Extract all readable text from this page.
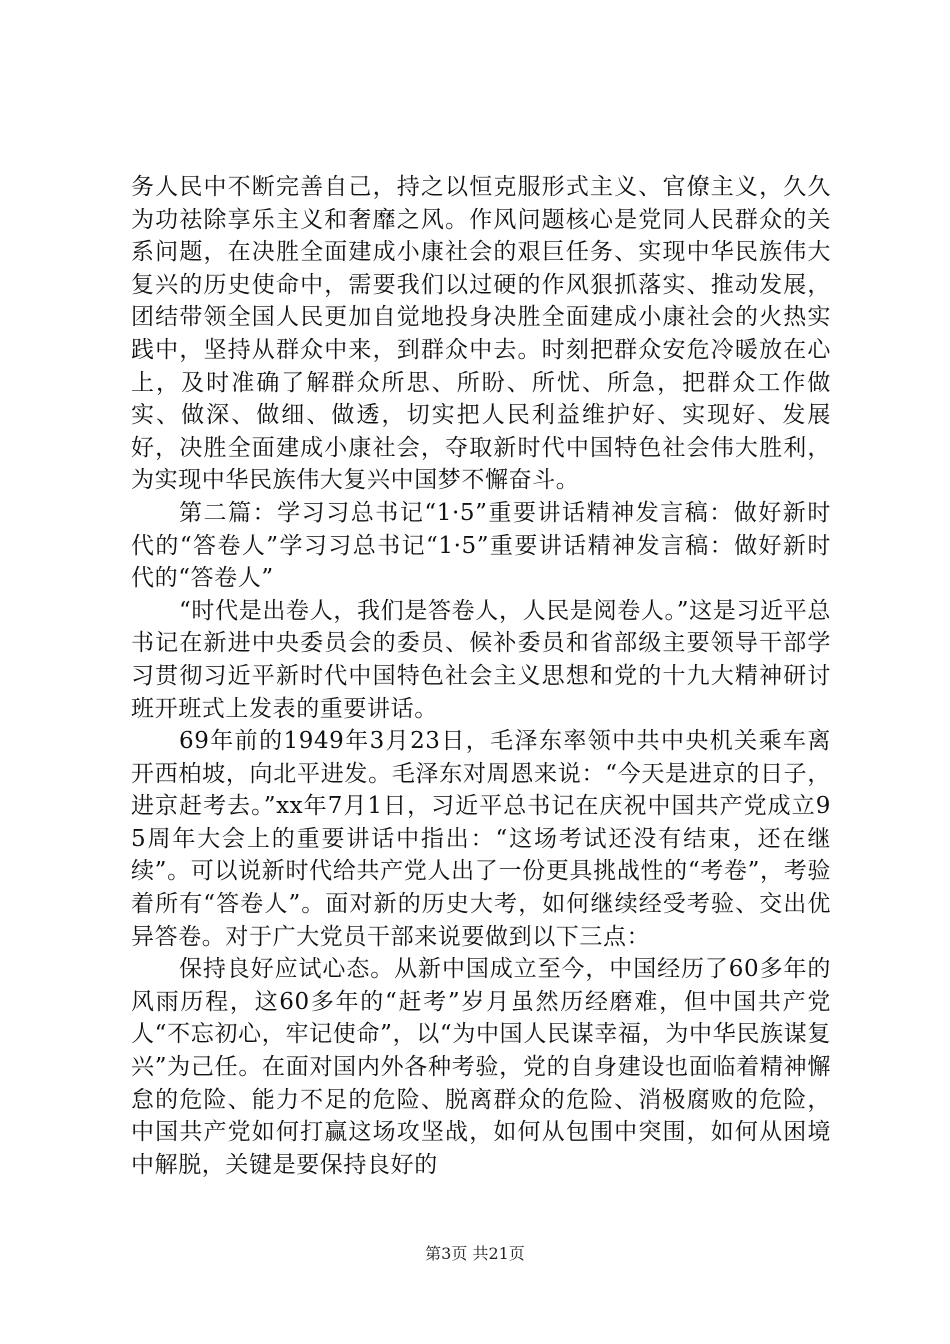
务人民中不断完善自己，持之以恒克服形式主义、官僚主义，久久为功祛除享乐主义和奢靡之风。作风问题核心是党同人民群众的关系问题，在决胜全面建成小康社会的艰巨任务、实现中华民族伟大复兴的历史使命中，需要我们以过硬的作风狠抓落实、推动发展，团结带领全国人民更加自觉地投身决胜全面建成小康社会的火热实践中，坚持从群众中来，到群众中去。时刻把群众安危冷暖放在心上，及时准确了解群众所思、所盼、所忧、所急，把群众工作做实、做深、做细、做透，切实把人民利益维护好、实现好、发展好，决胜全面建成小康社会，夺取新时代中国特色社会伟大胜利，为实现中华民族伟大复兴中国梦不懈奋斗。

第二篇：学习习总书记“1·5”重要讲话精神发言稿：做好新时代的“答卷人”学习习总书记“1·5”重要讲话精神发言稿：做好新时代的“答卷人”

“时代是出卷人，我们是答卷人，人民是阅卷人。”这是习近平总书记在新进中央委员会的委员、候补委员和省部级主要领导干部学习贯彻习近平新时代中国特色社会主义思想和党的十九大精神研讨班开班式上发表的重要讲话。

69年前的1949年3月23日，毛泽东率领中共中央机关乘车离开西柏坡，向北平进发。毛泽东对周恩来说：“今天是进京的日子，进京赶考去。”xx年7月1日，习近平总书记在庆祝中国共产党成立95周年大会上的重要讲话中指出：“这场考试还没有结束，还在继续”。可以说新时代给共产党人出了一份更具挑战性的“考卷”，考验着所有“答卷人”。面对新的历史大考，如何继续经受考验、交出优异答卷。对于广大党员干部来说要做到以下三点：

保持良好应试心态。从新中国成立至今，中国经历了60多年的风雨历程，这60多年的“赶考”岁月虽然历经磨难，但中国共产党人“不忘初心，牢记使命”，以“为中国人民谋幸福，为中华民族谋复兴”为己任。在面对国内外各种考验，党的自身建设也面临着精神懈怠的危险、能力不足的危险、脱离群众的危险、消极腐败的危险，中国共产党如何打赢这场攻坚战，如何从包围中突围，如何从困境中解脱，关键是要保持良好的

第3页 共21页
